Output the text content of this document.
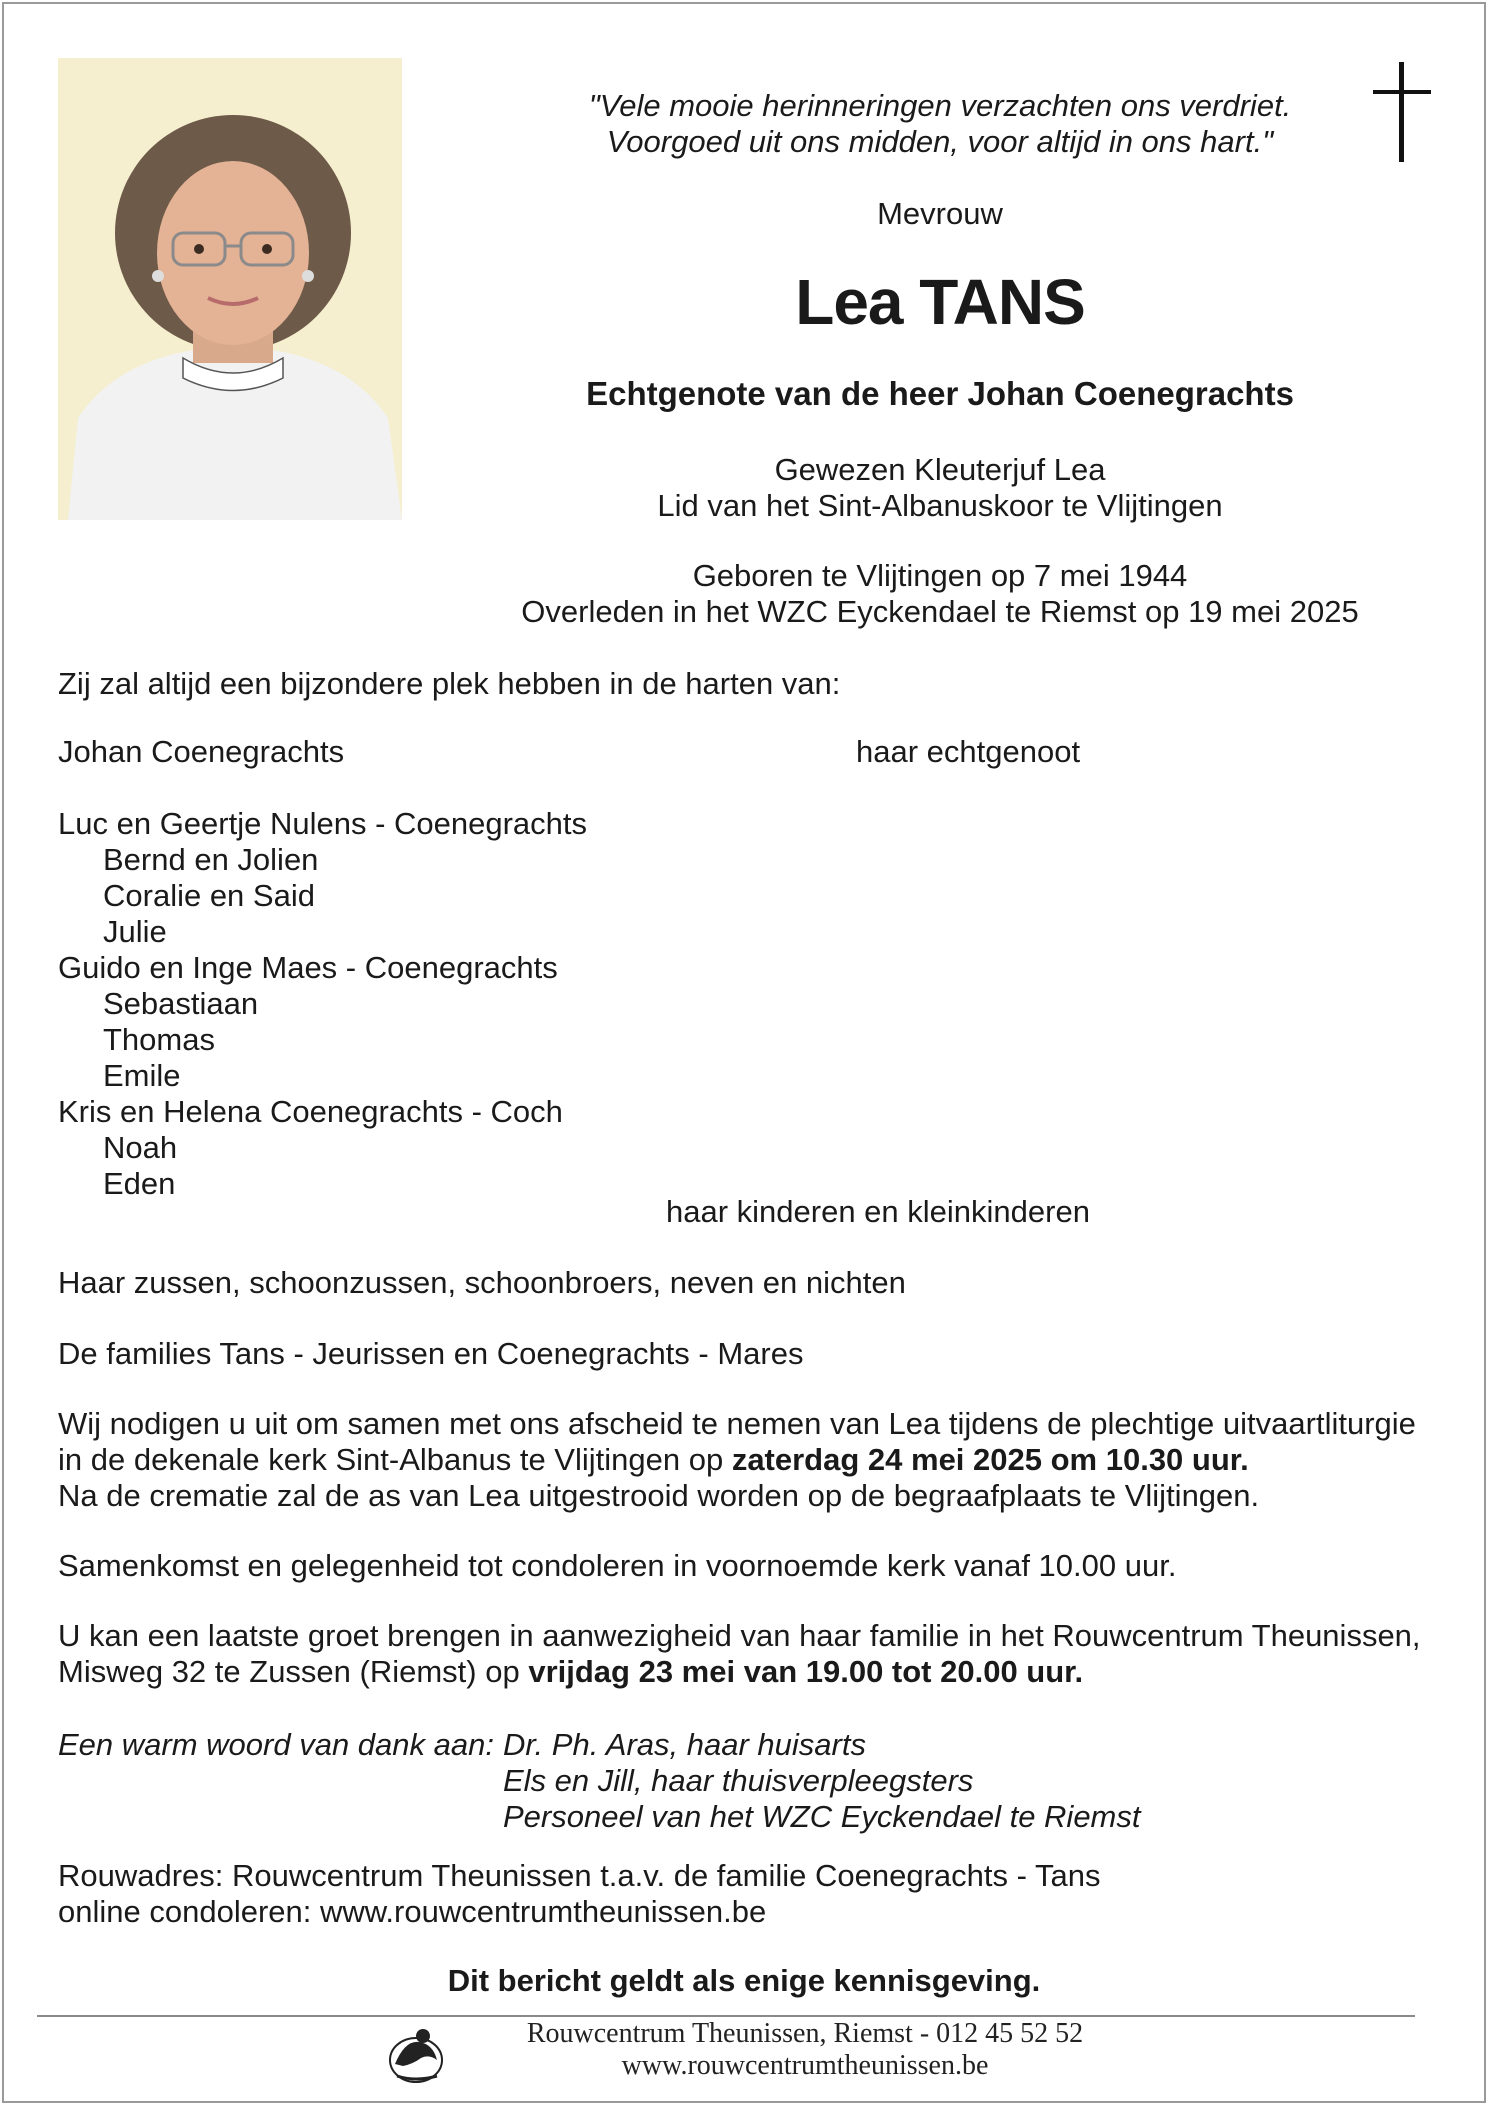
"Vele mooie herinneringen verzachten ons verdriet.
Voorgoed uit ons midden, voor altijd in ons hart."
Mevrouw
Lea TANS
Echtgenote van de heer Johan Coenegrachts
Gewezen Kleuterjuf Lea
Lid van het Sint-Albanuskoor te Vlijtingen
Geboren te Vlijtingen op 7 mei 1944
Overleden in het WZC Eyckendael te Riemst op 19 mei 2025
Zij zal altijd een bijzondere plek hebben in de harten van:
Johan Coenegrachts	haar echtgenoot
Luc en Geertje Nulens - Coenegrachts
Bernd en Jolien
Coralie en Said
Julie
Guido en Inge Maes - Coenegrachts
Sebastiaan
Thomas
Emile
Kris en Helena Coenegrachts - Coch
Noah
Eden
haar kinderen en kleinkinderen
Haar zussen, schoonzussen, schoonbroers, neven en nichten
De families Tans - Jeurissen en Coenegrachts - Mares
Wij nodigen u uit om samen met ons afscheid te nemen van Lea tijdens de plechtige uitvaartliturgie
in de dekenale kerk Sint-Albanus te Vlijtingen op zaterdag 24 mei 2025 om 10.30 uur.
Na de crematie zal de as van Lea uitgestrooid worden op de begraafplaats te Vlijtingen.
Samenkomst en gelegenheid tot condoleren in voornoemde kerk vanaf 10.00 uur.
U kan een laatste groet brengen in aanwezigheid van haar familie in het Rouwcentrum Theunissen,
Misweg 32 te Zussen (Riemst) op vrijdag 23 mei van 19.00 tot 20.00 uur.
Een warm woord van dank aan: Dr. Ph. Aras, haar huisarts
Els en Jill, haar thuisverpleegsters
Personeel van het WZC Eyckendael te Riemst
Rouwadres: Rouwcentrum Theunissen t.a.v. de familie Coenegrachts - Tans
online condoleren: www.rouwcentrumtheunissen.be
Dit bericht geldt als enige kennisgeving.
Rouwcentrum Theunissen, Riemst - 012 45 52 52
www.rouwcentrumtheunissen.be
